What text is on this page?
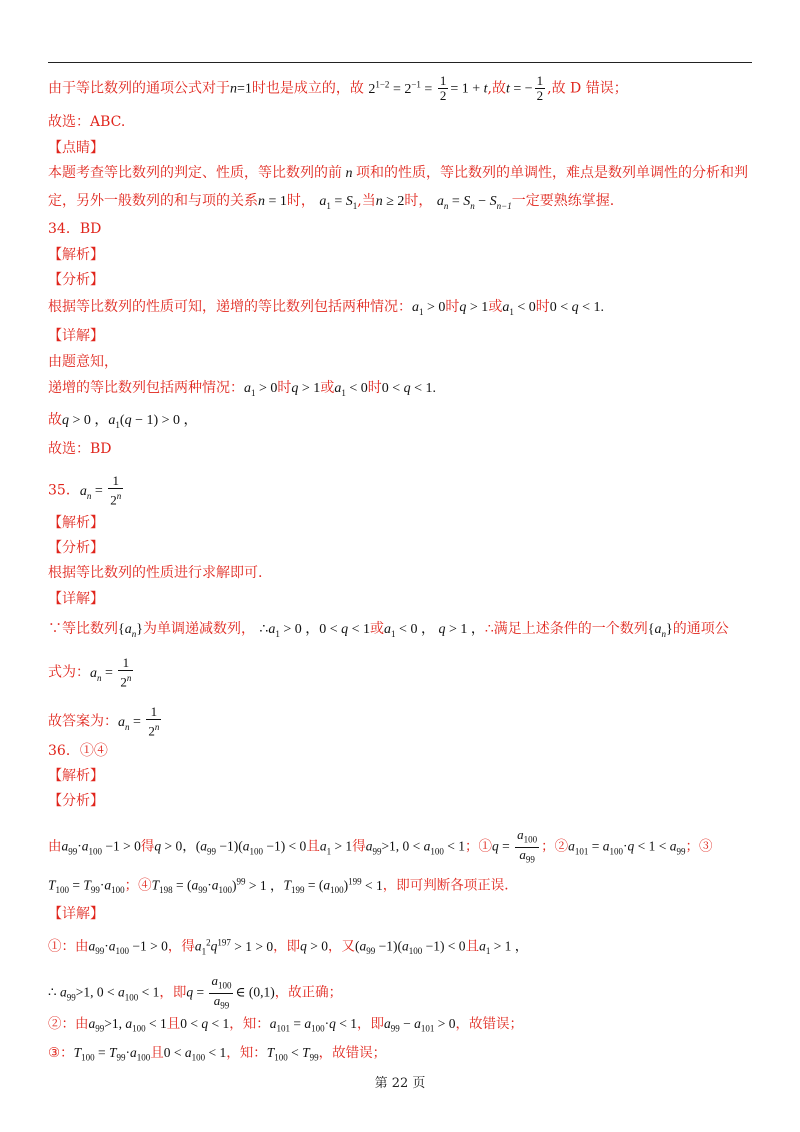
由于等比数列的通项公式对于n=1时也是成立的，故 $2^{1-2} = 2^{-1} = \frac{1}{2} = 1 + t$,故t = − $\frac{1}{2}$ ,故 D 错误；
故选：ABC.
【点睛】
本题考查等比数列的判定、性质，等比数列的前 n 项和的性质，等比数列的单调性，难点是数列单调性的分析和判
定，另外一般数列的和与项的关系n = 1时， $a_1 = S_1$,当n ≥ 2时， $a_n = S_n - S_{n-1}$一定要熟练掌握.
34．BD
【解析】
【分析】
根据等比数列的性质可知，递增的等比数列包括两种情况：$a_1 > 0$时q > 1或$a_1 < 0$时0 < q < 1.
【详解】
由题意知，
递增的等比数列包括两种情况：$a_1 > 0$时q > 1或$a_1 < 0$时0 < q < 1.
故q > 0 ，$a_1(q - 1) > 0$ ，
故选：BD
35．$a_n = \frac{1}{2^n}$
【解析】
【分析】
根据等比数列的性质进行求解即可.
【详解】
∵等比数列$\{a_n\}$为单调递减数列， $\therefore a_1 > 0$ ，0 < q < 1或$a_1 < 0$ ， q > 1 ，∴满足上述条件的一个数列$\{a_n\}$的通项公
式为：$a_n = \frac{1}{2^n}$
故答案为：$a_n = \frac{1}{2^n}$
36．①④
【解析】
【分析】
由$a_{99}\cdot a_{100} -1 > 0$得q > 0，$(a_{99} -1)(a_{100} -1) < 0$且$a_1 > 1$得$a_{99}>1$, $0 < a_{100} < 1$；①q = $\frac{a_{100}}{a_{99}}$ ；$②a_{101} = a_{100}\cdot q < 1 < a_{99}$；③
$T_{100} = T_{99}\cdot a_{100}$；$④T_{198} = (a_{99}\cdot a_{100})^{99} > 1$ ，$T_{199} = (a_{100})^{199} < 1$，即可判断各项正误.
【详解】
①：由$a_{99}\cdot a_{100} -1 > 0$，得$a_1^2q^{197} > 1 > 0$，即q > 0，又$(a_{99} -1)(a_{100} -1) < 0$且$a_1 > 1$ ，
∴ $a_{99}>1$, $0 < a_{100} < 1$，即$q = \frac{a_{100}}{a_{99}}$ ∈ (0,1)，故正确；
②：由$a_{99}>1$, $a_{100} < 1$且0 < q < 1，知：$a_{101} = a_{100}\cdot q < 1$，即$a_{99} - a_{101} > 0$，故错误；
③：$T_{100} = T_{99}\cdot a_{100}$且$0 < a_{100} < 1$，知：$T_{100} < T_{99}$，故错误；
第 22 页
